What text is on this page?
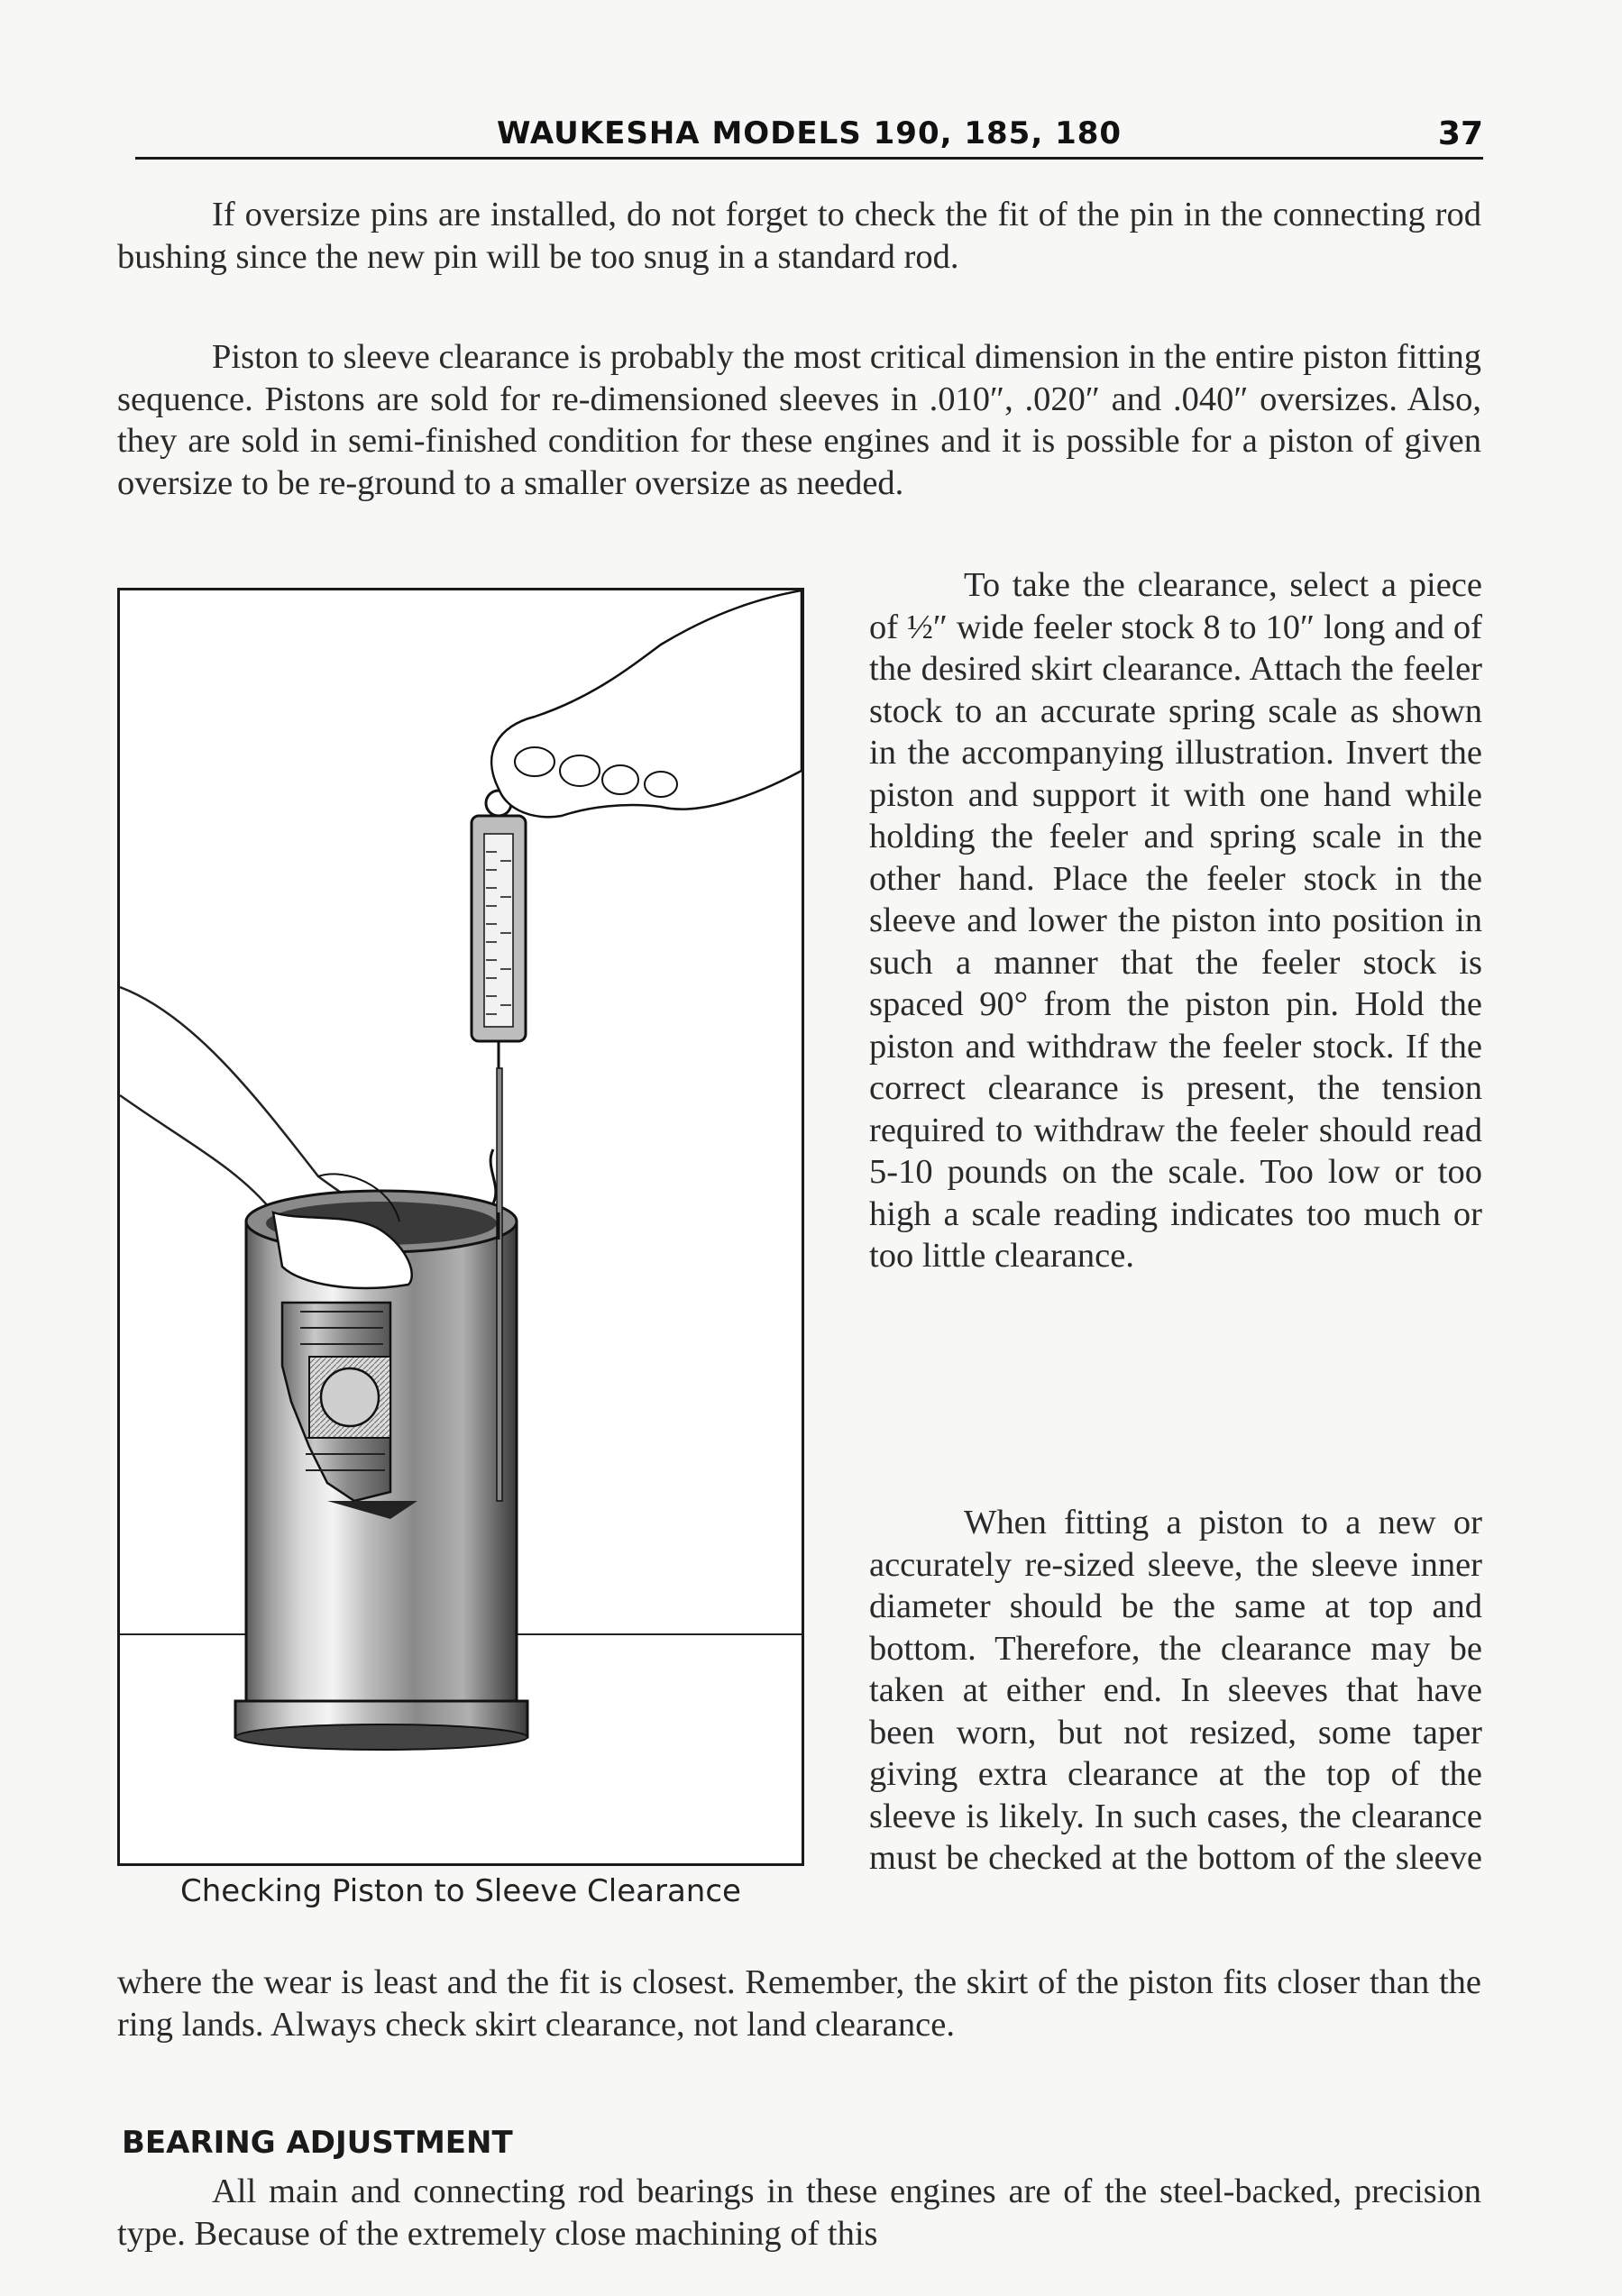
WAUKESHA MODELS 190, 185, 180	37

If oversize pins are installed, do not forget to check the fit of the pin in the connecting rod bushing since the new pin will be too snug in a standard rod.

Piston to sleeve clearance is probably the most critical dimension in the entire piston fitting sequence. Pistons are sold for re-dimensioned sleeves in .010″, .020″ and .040″ oversizes. Also, they are sold in semi-finished condition for these engines and it is possible for a piston of given oversize to be re-ground to a smaller oversize as needed.

Checking Piston to Sleeve Clearance

To take the clearance, select a piece of ½″ wide feeler stock 8 to 10″ long and of the desired skirt clearance. Attach the feeler stock to an accurate spring scale as shown in the accompanying illustration. Invert the piston and support it with one hand while holding the feeler and spring scale in the other hand. Place the feeler stock in the sleeve and lower the piston into position in such a manner that the feeler stock is spaced 90° from the piston pin. Hold the piston and withdraw the feeler stock. If the correct clearance is present, the tension required to withdraw the feeler should read 5-10 pounds on the scale. Too low or too high a scale reading indicates too much or too little clearance.

When fitting a piston to a new or accurately re-sized sleeve, the sleeve inner diameter should be the same at top and bottom. Therefore, the clearance may be taken at either end. In sleeves that have been worn, but not resized, some taper giving extra clearance at the top of the sleeve is likely. In such cases, the clearance must be checked at the bottom of the sleeve

where the wear is least and the fit is closest. Remember, the skirt of the piston fits closer than the ring lands. Always check skirt clearance, not land clearance.

BEARING ADJUSTMENT

All main and connecting rod bearings in these engines are of the steel-backed, precision type. Because of the extremely close machining of this
